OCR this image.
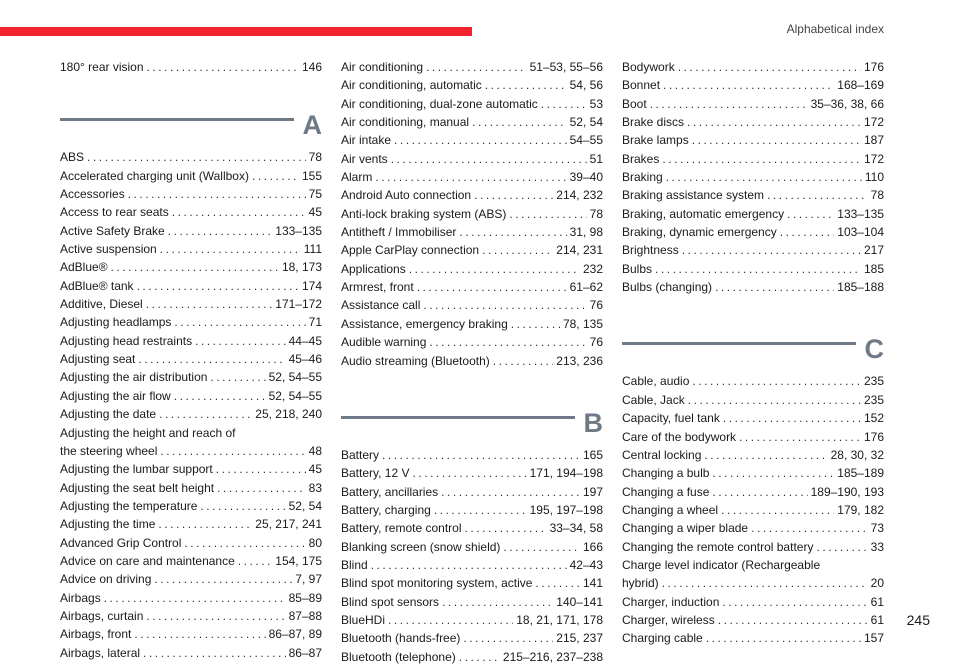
Alphabetical index
180° rear vision . . .	146
A
ABS . . .	78
Accelerated charging unit (Wallbox) . . .	155
Accessories . . .	75
Access to rear seats . . .	45
Active Safety Brake . . .	133–135
Active suspension . . .	111
AdBlue® . . .	18, 173
AdBlue® tank . . .	174
Additive, Diesel . . .	171–172
Adjusting headlamps . . .	71
Adjusting head restraints . . .	44–45
Adjusting seat . . .	45–46
Adjusting the air distribution . . .	52, 54–55
Adjusting the air flow . . .	52, 54–55
Adjusting the date . . .	25, 218, 240
Adjusting the height and reach of
the steering wheel . . .	48
Adjusting the lumbar support . . .	45
Adjusting the seat belt height . . .	83
Adjusting the temperature . . .	52, 54
Adjusting the time . . .	25, 217, 241
Advanced Grip Control . . .	80
Advice on care and maintenance . . .	154, 175
Advice on driving . . .	7, 97
Airbags . . .	85–89
Airbags, curtain . . .	87–88
Airbags, front . . .	86–87, 89
Airbags, lateral . . .	86–87
Air conditioning . . .	51–53, 55–56
Air conditioning, automatic . . .	54, 56
Air conditioning, dual-zone automatic . . .	53
Air conditioning, manual . . .	52, 54
Air intake . . .	54–55
Air vents . . .	51
Alarm . . .	39–40
Android Auto connection . . .	214, 232
Anti-lock braking system (ABS) . . .	78
Antitheft / Immobiliser . . .	31, 98
Apple CarPlay connection . . .	214, 231
Applications . . .	232
Armrest, front . . .	61–62
Assistance call . . .	76
Assistance, emergency braking . . .	78, 135
Audible warning . . .	76
Audio streaming (Bluetooth) . . .	213, 236
B
Battery . . .	165
Battery, 12 V . . .	171, 194–198
Battery, ancillaries . . .	197
Battery, charging . . .	195, 197–198
Battery, remote control . . .	33–34, 58
Blanking screen (snow shield) . . .	166
Blind . . .	42–43
Blind spot monitoring system, active . . .	141
Blind spot sensors . . .	140–141
BlueHDi . . .	18, 21, 171, 178
Bluetooth (hands-free) . . .	215, 237
Bluetooth (telephone) . . .	215–216, 237–238
Bodywork . . .	176
Bonnet . . .	168–169
Boot . . .	35–36, 38, 66
Brake discs . . .	172
Brake lamps . . .	187
Brakes . . .	172
Braking . . .	110
Braking assistance system . . .	78
Braking, automatic emergency . . .	133–135
Braking, dynamic emergency . . .	103–104
Brightness . . .	217
Bulbs . . .	185
Bulbs (changing) . . .	185–188
C
Cable, audio . . .	235
Cable, Jack . . .	235
Capacity, fuel tank . . .	152
Care of the bodywork . . .	176
Central locking . . .	28, 30, 32
Changing a bulb . . .	185–189
Changing a fuse . . .	189–190, 193
Changing a wheel . . .	179, 182
Changing a wiper blade . . .	73
Changing the remote control battery . . .	33
Charge level indicator (Rechargeable
hybrid) . . .	20
Charger, induction . . .	61
Charger, wireless . . .	61
Charging cable . . .	157
245
